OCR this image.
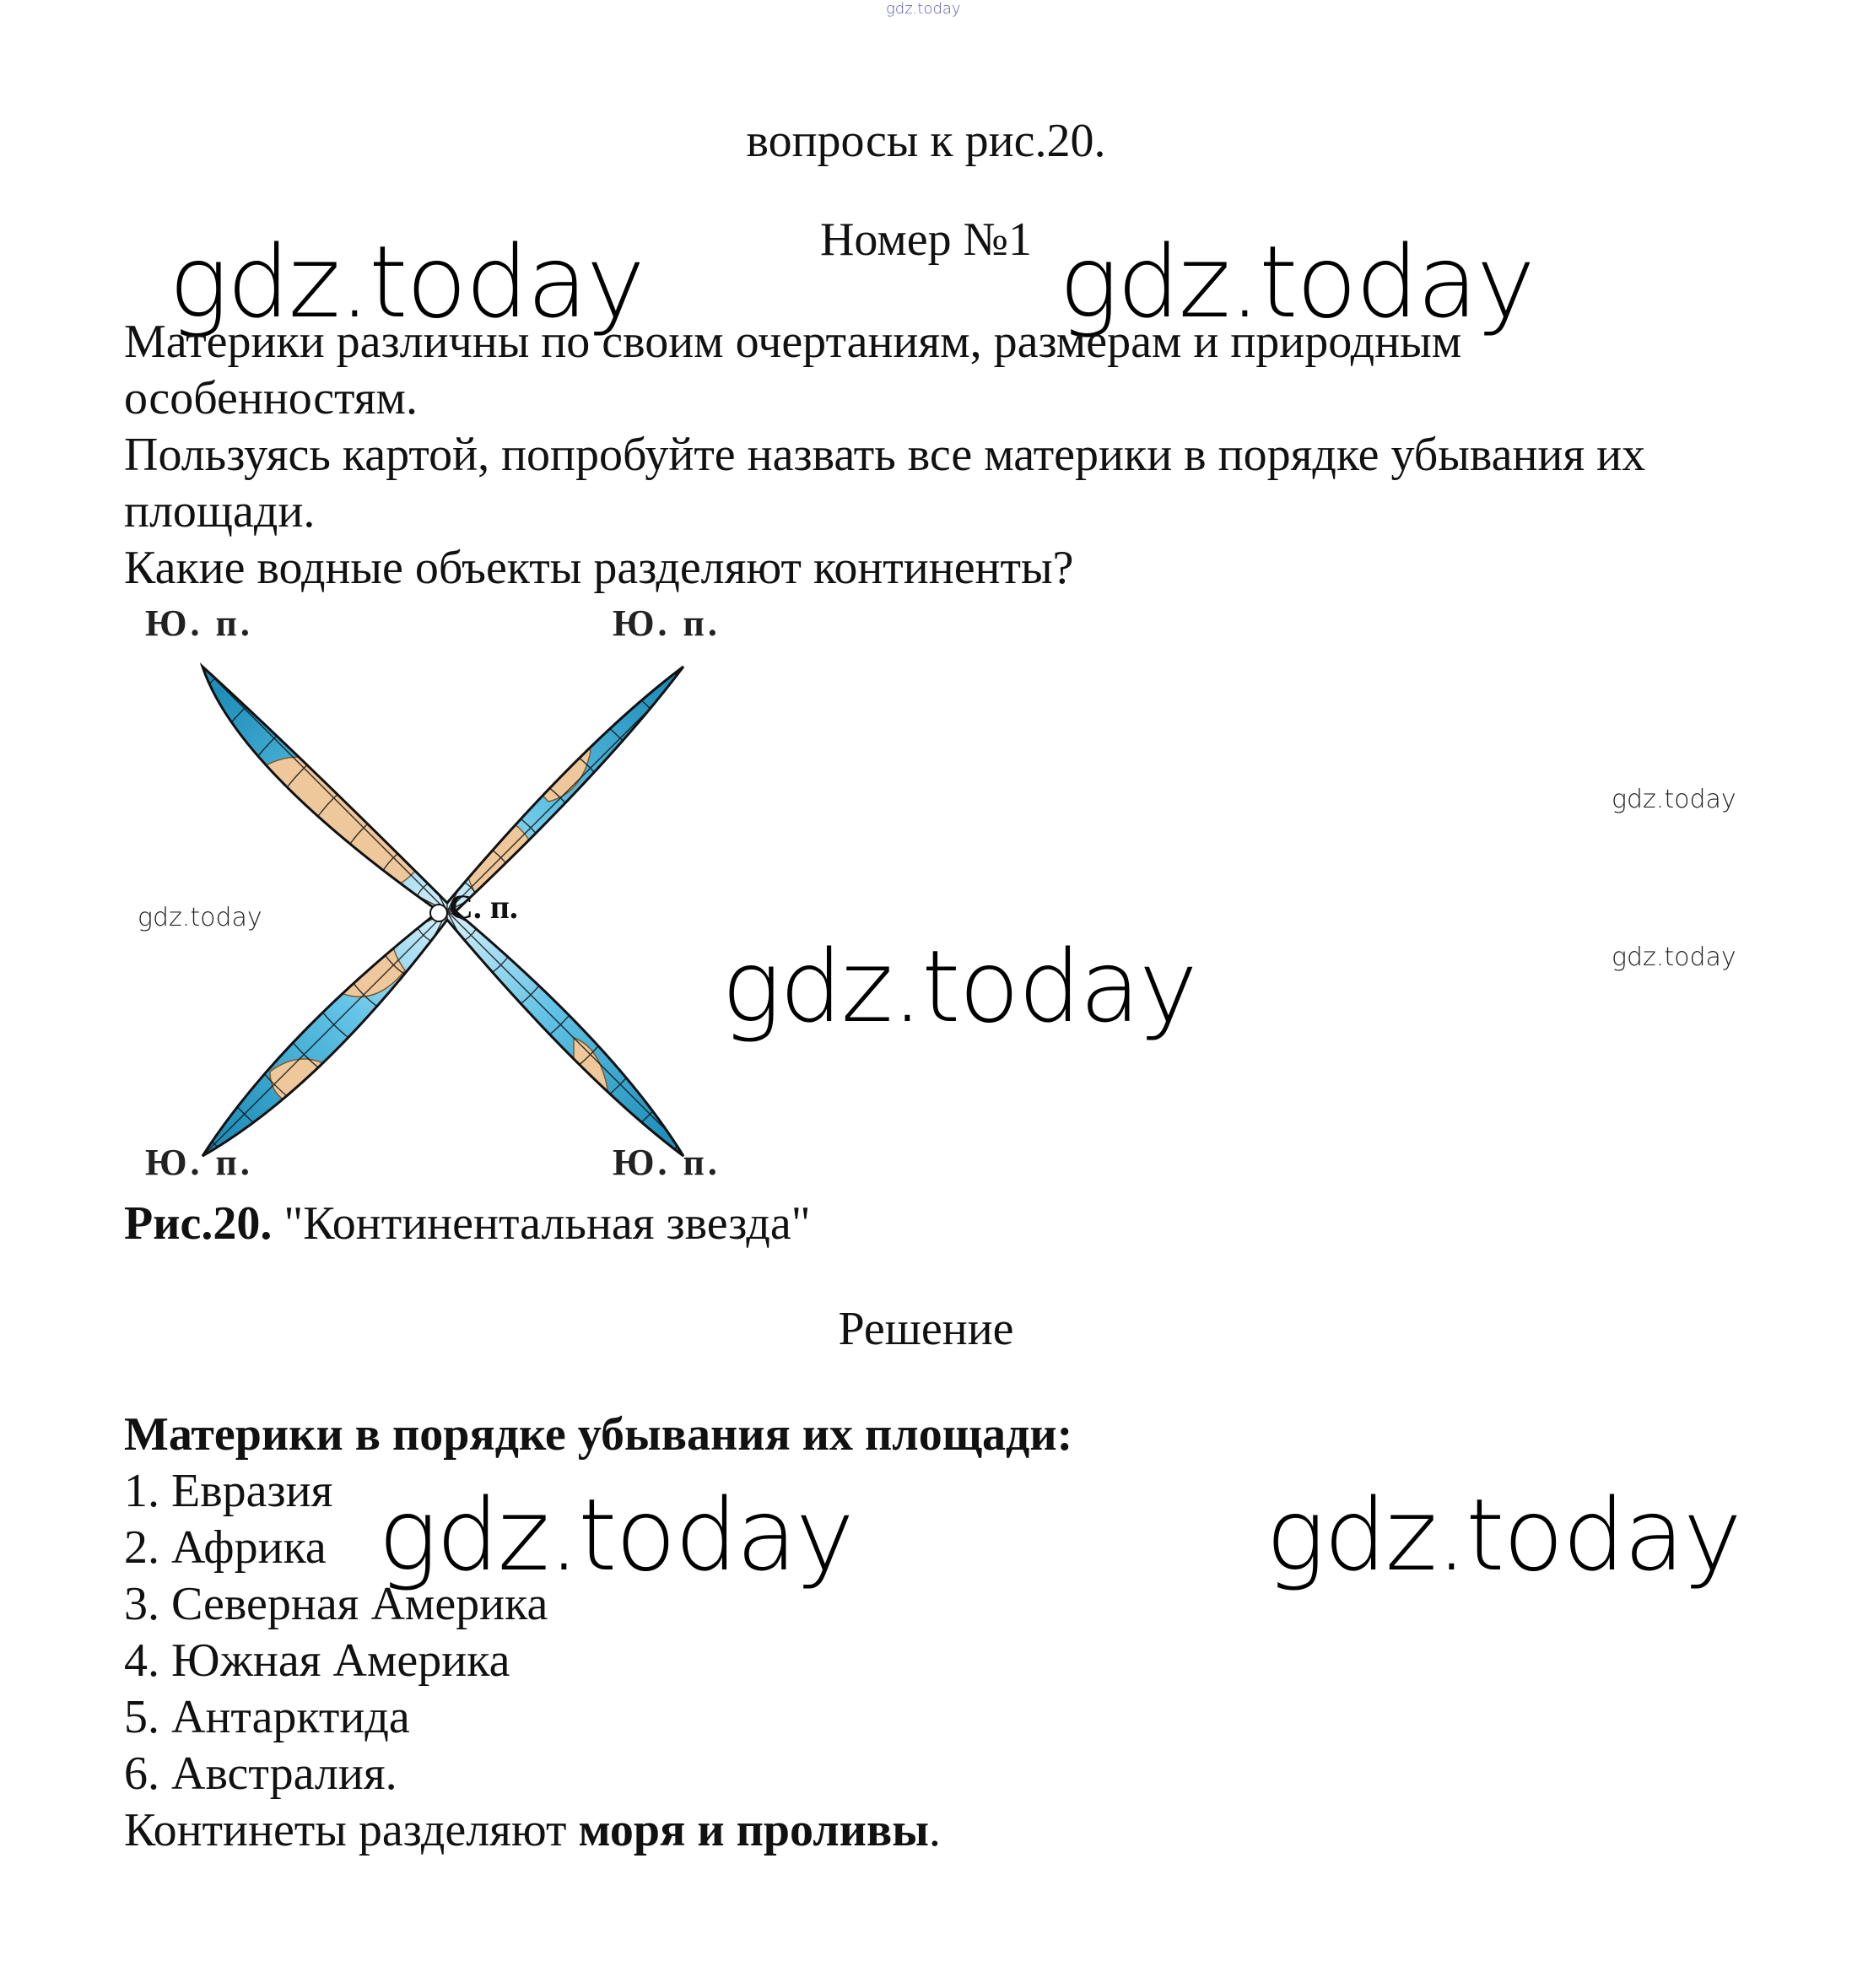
gdz.today
вопросы к рис.20.
Номер №1
gdz.today	gdz.today
Материки различны по своим очертаниям, размерам и природным
особенностям.
Пользуясь картой, попробуйте назвать все материки в порядке убывания их
площади.
Какие водные объекты разделяют континенты?
Ю. п.	Ю. п.
Ю. п.	Ю. п.
С. п.
gdz.today
gdz.today
gdz.today
gdz.today
Рис.20. "Континентальная звезда"
Решение
Материки в порядке убывания их площади:
1. Евразия
2. Африка
3. Северная Америка
4. Южная Америка
5. Антарктида
6. Австралия.
Континеты разделяют моря и проливы.
gdz.today	gdz.today
